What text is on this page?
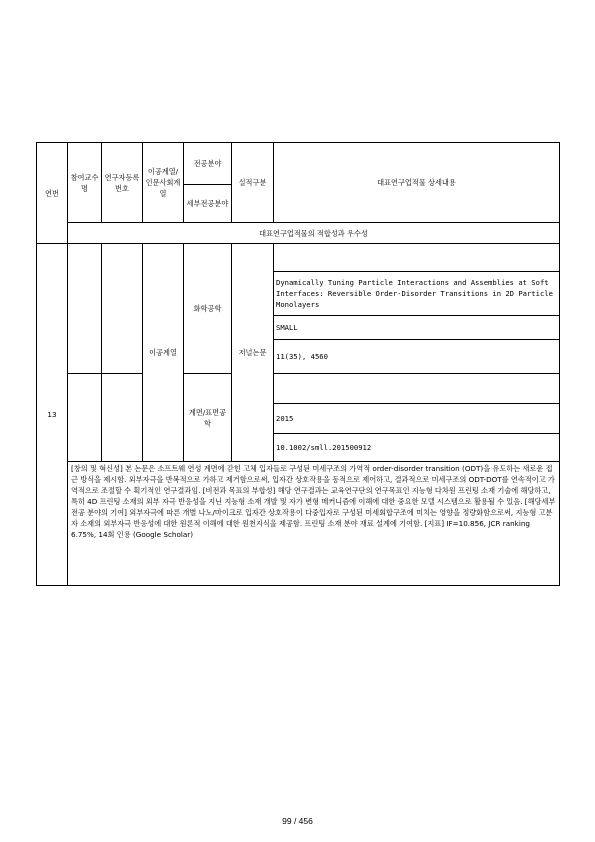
연번	참여교수명	연구자등록번호	이공계열/인문사회계열	전공분야	실적구분	대표연구업적물 상세내용
				세부전공분야		
	대표연구업적물의 적합성과 우수성					
13			이공계열	화학공학	저널논문	
						Dynamically Tuning Particle Interactions and Assemblies at Soft Interfaces: Reversible Order-Disorder Transitions in 2D Particle Monolayers
						SMALL
						11(35), 4560
				계면/표면공학		
						2015
						10.1002/smll.201500912
	[창의 및 혁신성] 본 논문은 소프트웨 연성 계면에 갇힌 고체 입자들로 구성된 미세구조의 가역적 order-disorder transition (ODT)을 유도하는 새로운 접근 방식을 제시함. 외부자극을 반복적으로 가하고 제거함으로써, 입자간 상호작용을 동적으로 제어하고, 결과적으로 미세구조의 ODT-DOT를 연속적이고 가역적으로 조절할 수 획기적인 연구결과임. [비전과 목표의 부합성] 해당 연구결과는 교육연구단의 연구목표인 지능형 다차원 프린팅 소재 기술에 해당하고, 특히 4D 프린팅 소재의 외부 자극 반응성을 지닌 지능형 소재 개발 및 자가 변형 메커니즘에 이해에 대한 중요한 모델 시스템으로 활용될 수 있음. [해당세부전공 분야의 기여] 외부자극에 따른 개별 나노/마이크로 입자간 상호작용이 다중입자로 구성된 미세회합구조에 미치는 영향을 정량화함으로써, 지능형 고분자 소재의 외부자극 반응성에 대한 원론적 이해에 대한 원천지식을 제공함. 프린팅 소재 분야 재료 설계에 기여함. [지표] IF=10.856, JCR ranking 6.75%, 14회 인용 (Google Scholar)					
99 / 456
